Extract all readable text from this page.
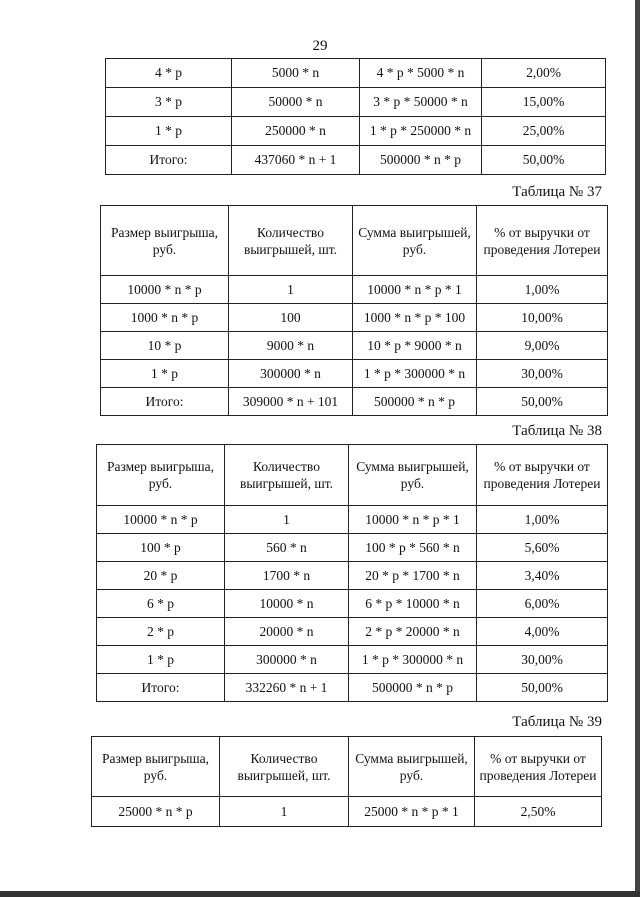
29
4 * p	5000 * n	4 * p * 5000 * n	2,00%
3 * p	50000 * n	3 * p * 50000 * n	15,00%
1 * p	250000 * n	1 * p * 250000 * n	25,00%
Итого:	437060 * n + 1	500000 * n * p	50,00%
Таблица № 37
Размер выигрыша, руб.	Количество выигрышей, шт.	Сумма выигрышей, руб.	% от выручки от проведения Лотереи
10000 * n * p	1	10000 * n * p * 1	1,00%
1000 * n * p	100	1000 * n * p * 100	10,00%
10 * p	9000 * n	10 * p * 9000 * n	9,00%
1 * p	300000 * n	1 * p * 300000 * n	30,00%
Итого:	309000 * n + 101	500000 * n * p	50,00%
Таблица № 38
Размер выигрыша, руб.	Количество выигрышей, шт.	Сумма выигрышей, руб.	% от выручки от проведения Лотереи
10000 * n * p	1	10000 * n * p * 1	1,00%
100 * p	560 * n	100 * p * 560 * n	5,60%
20 * p	1700 * n	20 * p * 1700 * n	3,40%
6 * p	10000 * n	6 * p * 10000 * n	6,00%
2 * p	20000 * n	2 * p * 20000 * n	4,00%
1 * p	300000 * n	1 * p * 300000 * n	30,00%
Итого:	332260 * n + 1	500000 * n * p	50,00%
Таблица № 39
Размер выигрыша, руб.	Количество выигрышей, шт.	Сумма выигрышей, руб.	% от выручки от проведения Лотереи
25000 * n * p	1	25000 * n * p * 1	2,50%
